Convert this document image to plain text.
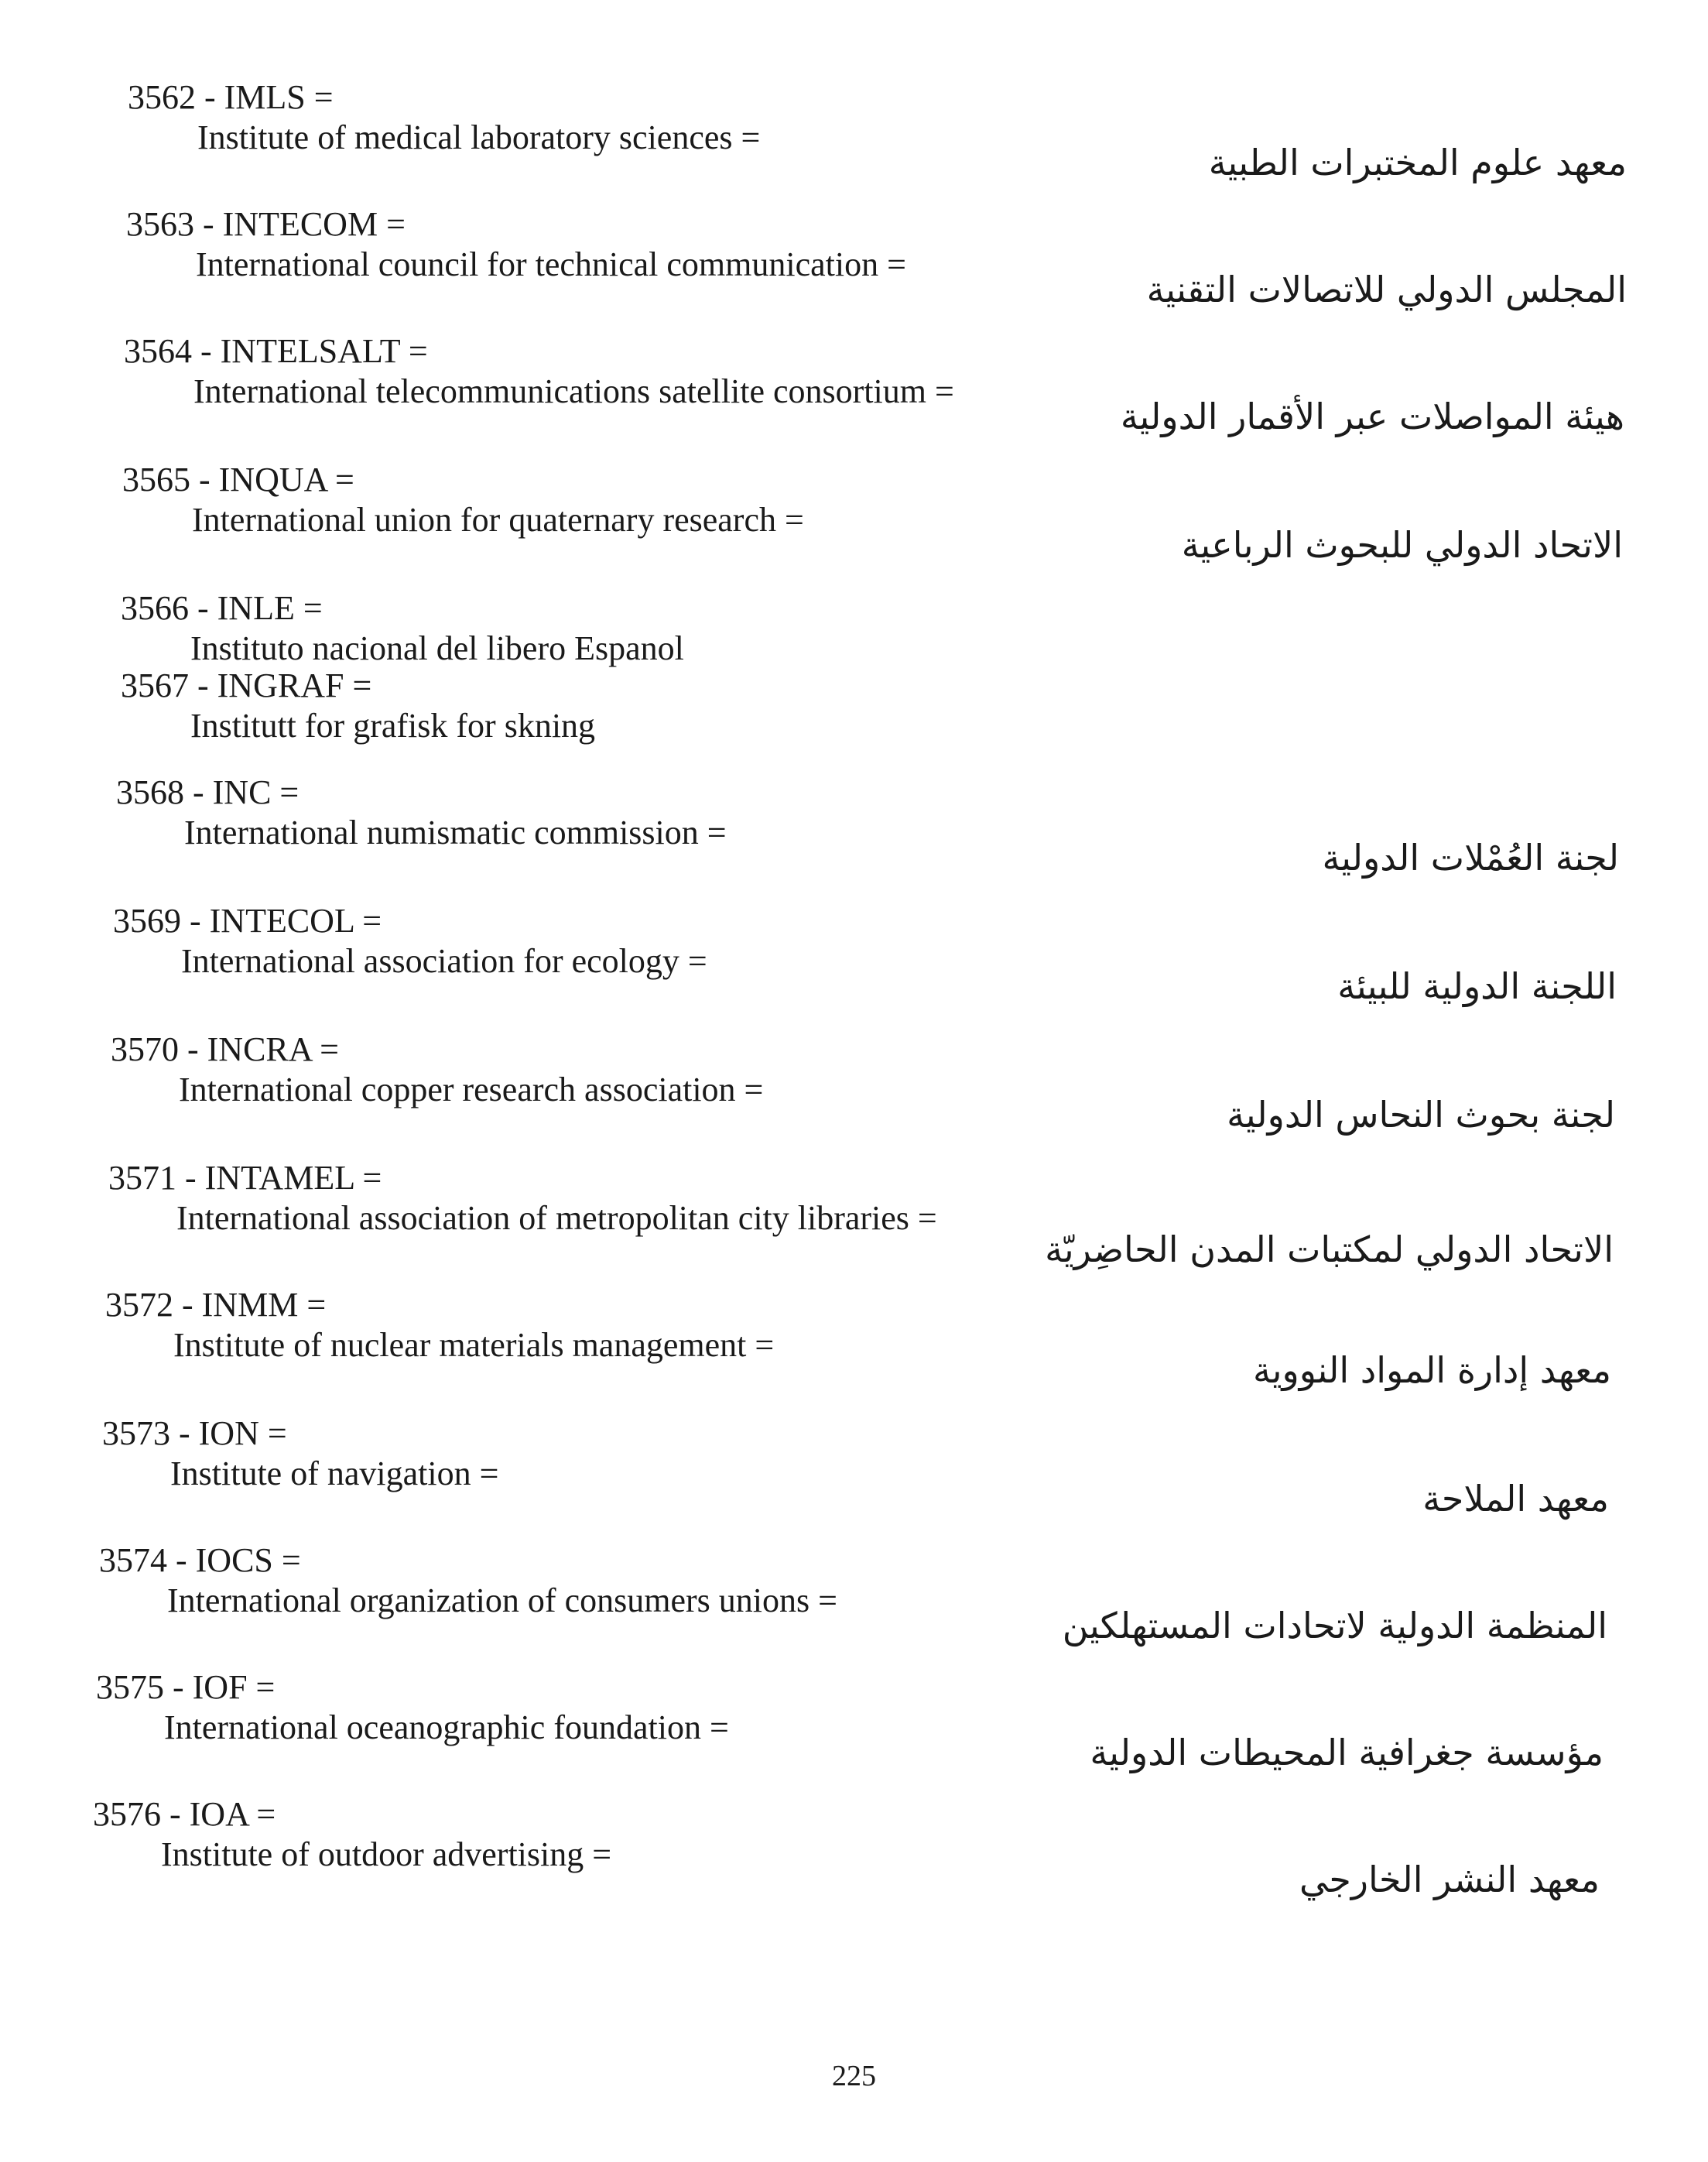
3562 - IMLS =
Institute of medical laboratory sciences =
معهد علوم المختبرات الطبية
3563 - INTECOM =
International council for technical communication =
المجلس الدولي للاتصالات التقنية
3564 - INTELSALT =
International telecommunications satellite consortium =
هيئة المواصلات عبر الأقمار الدولية
3565 - INQUA =
International union for quaternary research =
الاتحاد الدولي للبحوث الرباعية
3566 - INLE =
Instituto nacional del libero Espanol
3567 - INGRAF =
Institutt for grafisk for skning
3568 - INC =
International numismatic commission =
لجنة العُمْلات الدولية
3569 - INTECOL =
International association for ecology =
اللجنة الدولية للبيئة
3570 - INCRA =
International copper research association =
لجنة بحوث النحاس الدولية
3571 - INTAMEL =
International association of metropolitan city libraries =
الاتحاد الدولي لمكتبات المدن الحاضِريّة
3572 - INMM =
Institute of nuclear materials management =
معهد إدارة المواد النووية
3573 - ION =
Institute of navigation =
معهد الملاحة
3574 - IOCS =
International organization of consumers unions =
المنظمة الدولية لاتحادات المستهلكين
3575 - IOF =
International oceanographic foundation =
مؤسسة جغرافية المحيطات الدولية
3576 - IOA =
Institute of outdoor advertising =
معهد النشر الخارجي
225
